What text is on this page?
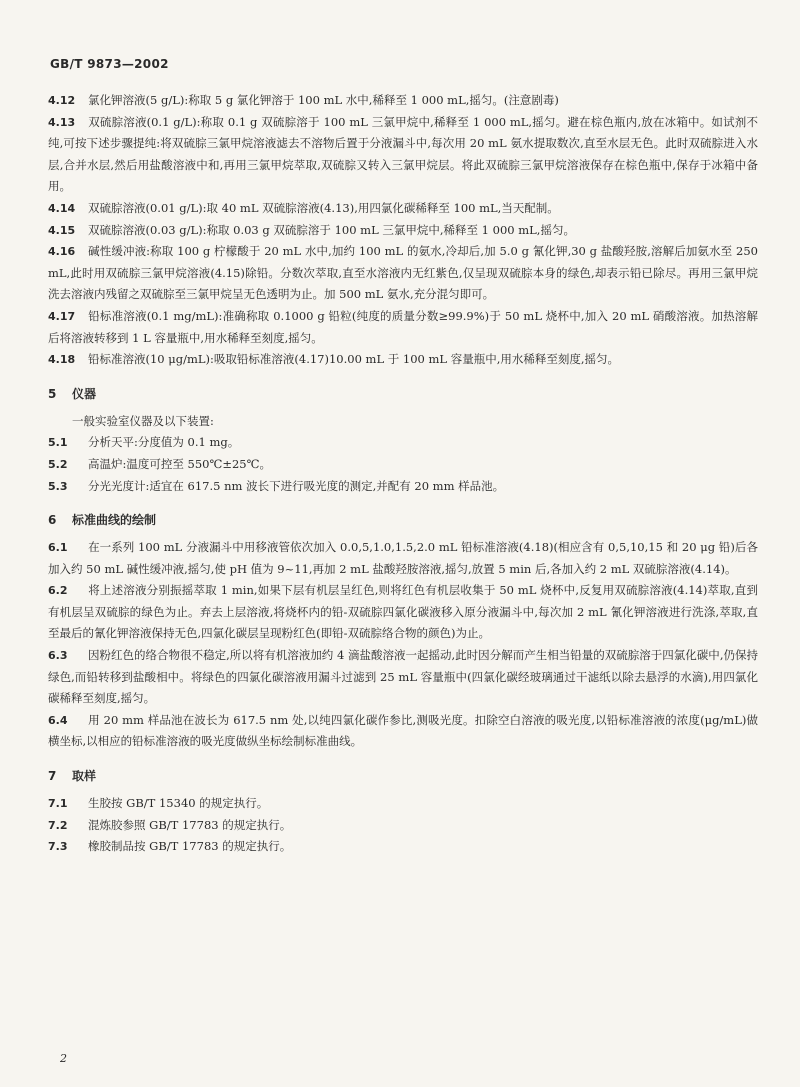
GB/T 9873—2002

4.12 氯化钾溶液(5 g/L):称取 5 g 氯化钾溶于 100 mL 水中,稀释至 1 000 mL,摇匀。(注意剧毒)

4.13 双硫腙溶液(0.1 g/L):称取 0.1 g 双硫腙溶于 100 mL 三氯甲烷中,稀释至 1 000 mL,摇匀。避在棕色瓶内,放在冰箱中。如试剂不纯,可按下述步骤提纯:将双硫腙三氯甲烷溶液滤去不溶物后置于分液漏斗中,每次用 20 mL 氨水提取数次,直至水层无色。此时双硫腙进入水层,合并水层,然后用盐酸溶液中和,再用三氯甲烷萃取,双硫腙又转入三氯甲烷层。将此双硫腙三氯甲烷溶液保存在棕色瓶中,保存于冰箱中备用。

4.14 双硫腙溶液(0.01 g/L):取 40 mL 双硫腙溶液(4.13),用四氯化碳稀释至 100 mL,当天配制。

4.15 双硫腙溶液(0.03 g/L):称取 0.03 g 双硫腙溶于 100 mL 三氯甲烷中,稀释至 1 000 mL,摇匀。

4.16 碱性缓冲液:称取 100 g 柠檬酸于 20 mL 水中,加约 100 mL 的氨水,冷却后,加 5.0 g 氰化钾,30 g 盐酸羟胺,溶解后加氨水至 250 mL,此时用双硫腙三氯甲烷溶液(4.15)除铅。分数次萃取,直至水溶液内无红紫色,仅呈现双硫腙本身的绿色,却表示铅已除尽。再用三氯甲烷洗去溶液内残留之双硫腙至三氯甲烷呈无色透明为止。加 500 mL 氨水,充分混匀即可。

4.17 铅标准溶液(0.1 mg/mL):准确称取 0.1000 g 铅粒(纯度的质量分数≥99.9%)于 50 mL 烧杯中,加入 20 mL 硝酸溶液。加热溶解后将溶液转移到 1 L 容量瓶中,用水稀释至刻度,摇匀。

4.18 铅标准溶液(10 μg/mL):吸取铅标准溶液(4.17)10.00 mL 于 100 mL 容量瓶中,用水稀释至刻度,摇匀。

5 仪器

一般实验室仪器及以下装置:

5.1 分析天平:分度值为 0.1 mg。

5.2 高温炉:温度可控至 550℃±25℃。

5.3 分光光度计:适宜在 617.5 nm 波长下进行吸光度的测定,并配有 20 mm 样品池。

6 标准曲线的绘制

6.1 在一系列 100 mL 分液漏斗中用移液管依次加入 0.0,5,1.0,1.5,2.0 mL 铅标准溶液(4.18)(相应含有 0,5,10,15 和 20 μg 铅)后各加入约 50 mL 碱性缓冲液,摇匀,使 pH 值为 9~11,再加 2 mL 盐酸羟胺溶液,摇匀,放置 5 min 后,各加入约 2 mL 双硫腙溶液(4.14)。

6.2 将上述溶液分别振摇萃取 1 min,如果下层有机层呈红色,则将红色有机层收集于 50 mL 烧杯中,反复用双硫腙溶液(4.14)萃取,直到有机层呈双硫腙的绿色为止。弃去上层溶液,将烧杯内的铅-双硫腙四氯化碳液移入原分液漏斗中,每次加 2 mL 氰化钾溶液进行洗涤,萃取,直至最后的氰化钾溶液保持无色,四氯化碳层呈现粉红色(即铅-双硫腙络合物的颜色)为止。

6.3 因粉红色的络合物很不稳定,所以将有机溶液加约 4 滴盐酸溶液一起摇动,此时因分解而产生相当铅量的双硫腙溶于四氯化碳中,仍保持绿色,而铅转移到盐酸相中。将绿色的四氯化碳溶液用漏斗过滤到 25 mL 容量瓶中(四氯化碳经玻璃通过干滤纸以除去悬浮的水滴),用四氯化碳稀释至刻度,摇匀。

6.4 用 20 mm 样品池在波长为 617.5 nm 处,以纯四氯化碳作参比,测吸光度。扣除空白溶液的吸光度,以铅标准溶液的浓度(μg/mL)做横坐标,以相应的铅标准溶液的吸光度做纵坐标绘制标准曲线。

7 取样

7.1 生胶按 GB/T 15340 的规定执行。

7.2 混炼胶参照 GB/T 17783 的规定执行。

7.3 橡胶制品按 GB/T 17783 的规定执行。

2
